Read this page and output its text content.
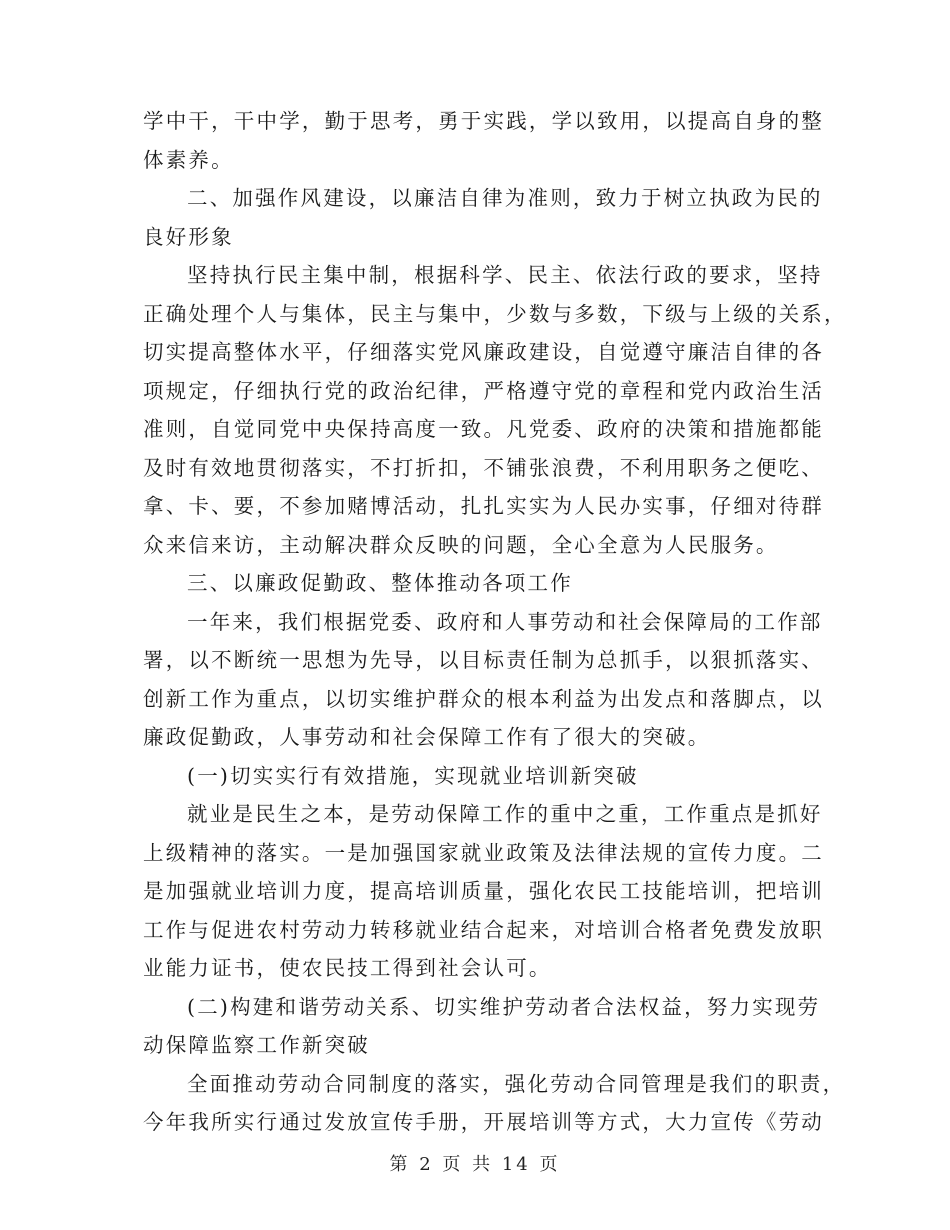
学中干，干中学，勤于思考，勇于实践，学以致用，以提高自身的整
体素养。
二、加强作风建设，以廉洁自律为准则，致力于树立执政为民的
良好形象
坚持执行民主集中制，根据科学、民主、依法行政的要求，坚持
正确处理个人与集体，民主与集中，少数与多数，下级与上级的关系，
切实提高整体水平，仔细落实党风廉政建设，自觉遵守廉洁自律的各
项规定，仔细执行党的政治纪律，严格遵守党的章程和党内政治生活
准则，自觉同党中央保持高度一致。凡党委、政府的决策和措施都能
及时有效地贯彻落实，不打折扣，不铺张浪费，不利用职务之便吃、
拿、卡、要，不参加赌博活动，扎扎实实为人民办实事，仔细对待群
众来信来访，主动解决群众反映的问题，全心全意为人民服务。
三、以廉政促勤政、整体推动各项工作
一年来，我们根据党委、政府和人事劳动和社会保障局的工作部
署，以不断统一思想为先导，以目标责任制为总抓手，以狠抓落实、
创新工作为重点，以切实维护群众的根本利益为出发点和落脚点，以
廉政促勤政，人事劳动和社会保障工作有了很大的突破。
(一)切实实行有效措施，实现就业培训新突破
就业是民生之本，是劳动保障工作的重中之重，工作重点是抓好
上级精神的落实。一是加强国家就业政策及法律法规的宣传力度。二
是加强就业培训力度，提高培训质量，强化农民工技能培训，把培训
工作与促进农村劳动力转移就业结合起来，对培训合格者免费发放职
业能力证书，使农民技工得到社会认可。
(二)构建和谐劳动关系、切实维护劳动者合法权益，努力实现劳
动保障监察工作新突破
全面推动劳动合同制度的落实，强化劳动合同管理是我们的职责，
今年我所实行通过发放宣传手册，开展培训等方式，大力宣传《劳动
第 2 页 共 14 页
